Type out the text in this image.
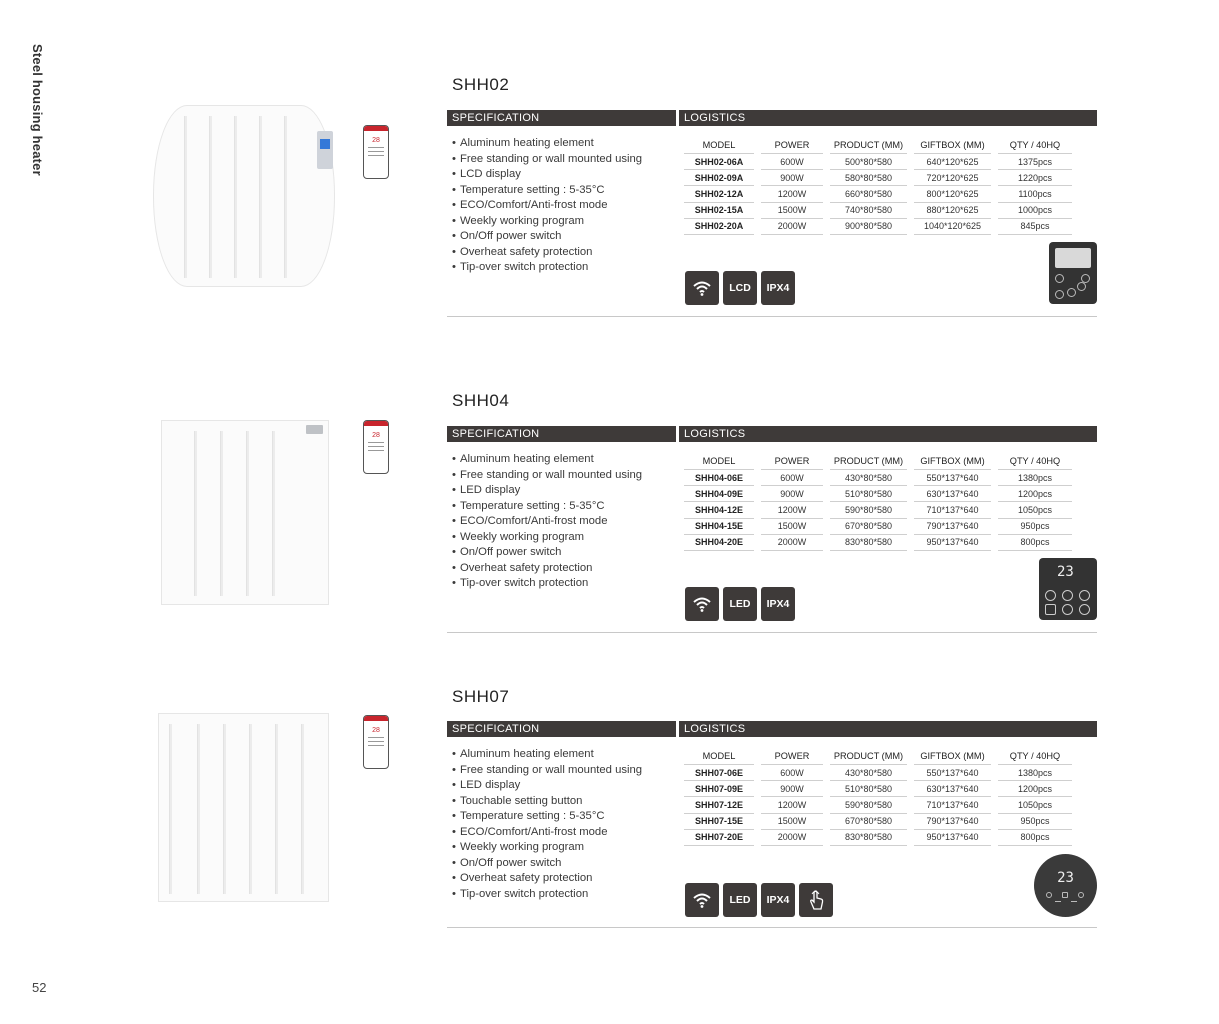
Steel housing heater
52
SHH02
28
SPECIFICATION	LOGISTICS
• Aluminum heating element
• Free standing or wall mounted using
• LCD display
• Temperature setting : 5-35°C
• ECO/Comfort/Anti-frost mode
• Weekly working program
• On/Off power switch
• Overheat safety protection
• Tip-over switch protection
MODEL	POWER	PRODUCT (MM)	GIFTBOX (MM)	QTY / 40HQ
SHH02-06A	600W	500*80*580	640*120*625	1375pcs
SHH02-09A	900W	580*80*580	720*120*625	1220pcs
SHH02-12A	1200W	660*80*580	800*120*625	1100pcs
SHH02-15A	1500W	740*80*580	880*120*625	1000pcs
SHH02-20A	2000W	900*80*580	1040*120*625	845pcs
LCD	IPX4
SHH04
28	SPECIFICATION	LOGISTICS
• Aluminum heating element
• Free standing or wall mounted using
• LED display
• Temperature setting : 5-35°C
• ECO/Comfort/Anti-frost mode
• Weekly working program
• On/Off power switch
• Overheat safety protection
• Tip-over switch protection
MODEL	POWER	PRODUCT (MM)	GIFTBOX (MM)	QTY / 40HQ
SHH04-06E	600W	430*80*580	550*137*640	1380pcs
SHH04-09E	900W	510*80*580	630*137*640	1200pcs
SHH04-12E	1200W	590*80*580	710*137*640	1050pcs
SHH04-15E	1500W	670*80*580	790*137*640	950pcs
SHH04-20E	2000W	830*80*580	950*137*640	800pcs
LED	IPX4
23
SHH07
28	SPECIFICATION	LOGISTICS
• Aluminum heating element
• Free standing or wall mounted using
• LED display
• Touchable setting button
• Temperature setting : 5-35°C
• ECO/Comfort/Anti-frost mode
• Weekly working program
• On/Off power switch
• Overheat safety protection
• Tip-over switch protection
MODEL	POWER	PRODUCT (MM)	GIFTBOX (MM)	QTY / 40HQ
SHH07-06E	600W	430*80*580	550*137*640	1380pcs
SHH07-09E	900W	510*80*580	630*137*640	1200pcs
SHH07-12E	1200W	590*80*580	710*137*640	1050pcs
SHH07-15E	1500W	670*80*580	790*137*640	950pcs
SHH07-20E	2000W	830*80*580	950*137*640	800pcs
LED	IPX4
23
